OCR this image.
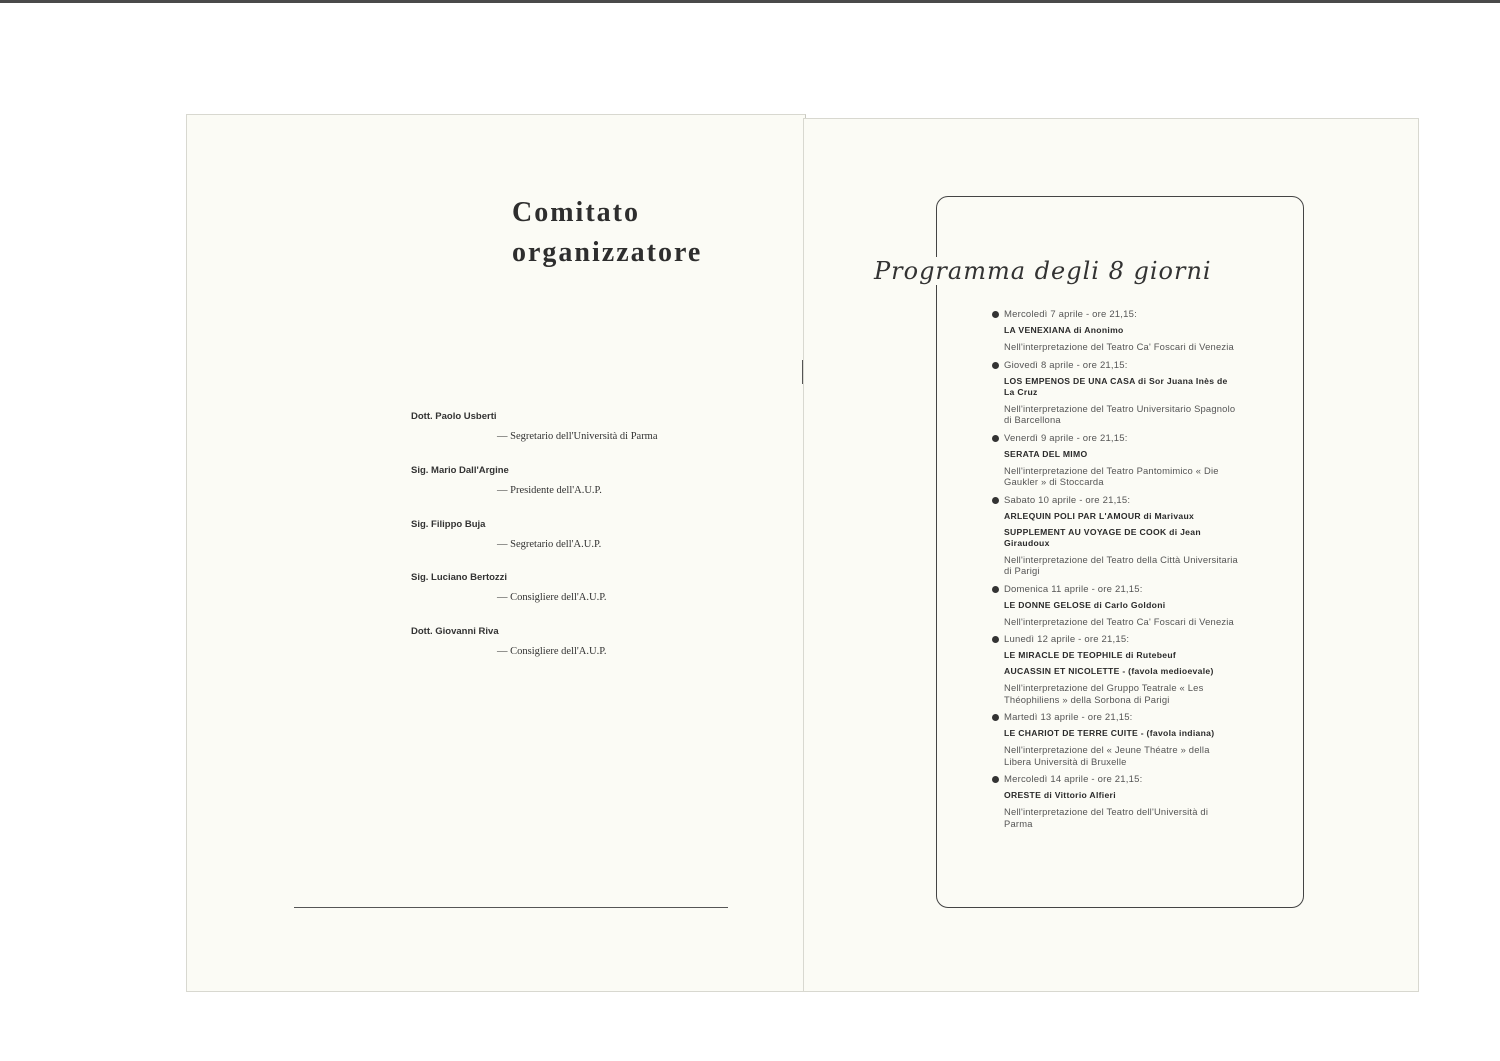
Comitato
organizzatore
Dott. Paolo Usberti
— Segretario dell'Università di Parma
Sig. Mario Dall'Argine
— Presidente dell'A.U.P.
Sig. Filippo Buja
— Segretario dell'A.U.P.
Sig. Luciano Bertozzi
— Consigliere dell'A.U.P.
Dott. Giovanni Riva
— Consigliere dell'A.U.P.
Programma degli 8 giorni
Mercoledì 7 aprile - ore 21,15:
LA VENEXIANA di Anonimo
Nell'interpretazione del Teatro Ca' Foscari di Venezia
Giovedì 8 aprile - ore 21,15:
LOS EMPENOS DE UNA CASA di Sor Juana Inès de La Cruz
Nell'interpretazione del Teatro Universitario Spagnolo di Barcellona
Venerdì 9 aprile - ore 21,15:
SERATA DEL MIMO
Nell'interpretazione del Teatro Pantomimico « Die Gaukler » di Stoccarda
Sabato 10 aprile - ore 21,15:
ARLEQUIN POLI PAR L'AMOUR di Marivaux
SUPPLEMENT AU VOYAGE DE COOK di Jean Giraudoux
Nell'interpretazione del Teatro della Città Universitaria di Parigi
Domenica 11 aprile - ore 21,15:
LE DONNE GELOSE di Carlo Goldoni
Nell'interpretazione del Teatro Ca' Foscari di Venezia
Lunedì 12 aprile - ore 21,15:
LE MIRACLE DE TEOPHILE di Rutebeuf
AUCASSIN ET NICOLETTE - (favola medioevale)
Nell'interpretazione del Gruppo Teatrale « Les Théophiliens » della Sorbona di Parigi
Martedì 13 aprile - ore 21,15:
LE CHARIOT DE TERRE CUITE - (favola indiana)
Nell'interpretazione del « Jeune Théatre » della Libera Università di Bruxelle
Mercoledì 14 aprile - ore 21,15:
ORESTE di Vittorio Alfieri
Nell'interpretazione del Teatro dell'Università di Parma
